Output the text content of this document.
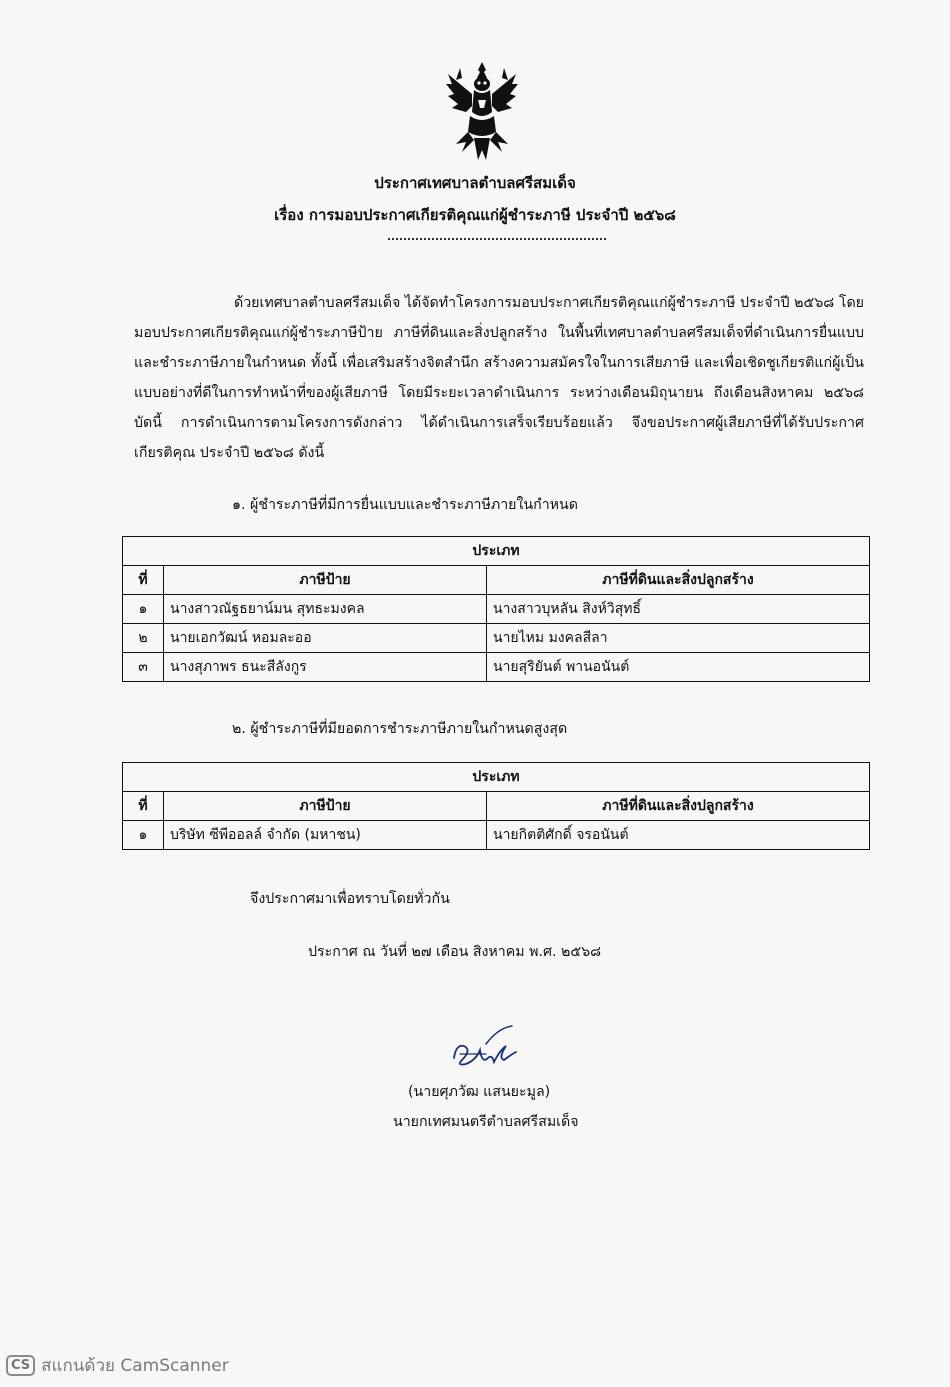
ประกาศเทศบาลตำบลศรีสมเด็จ
เรื่อง การมอบประกาศเกียรติคุณแก่ผู้ชำระภาษี ประจำปี ๒๕๖๘
ด้วยเทศบาลตำบลศรีสมเด็จ ได้จัดทำโครงการมอบประกาศเกียรติคุณแก่ผู้ชำระภาษี ประจำปี ๒๕๖๘ โดยมอบประกาศเกียรติคุณแก่ผู้ชำระภาษีป้าย ภาษีที่ดินและสิ่งปลูกสร้าง ในพื้นที่เทศบาลตำบลศรีสมเด็จที่ดำเนินการยื่นแบบและชำระภาษีภายในกำหนด ทั้งนี้ เพื่อเสริมสร้างจิตสำนึก สร้างความสมัครใจในการเสียภาษี และเพื่อเชิดชูเกียรติแก่ผู้เป็นแบบอย่างที่ดีในการทำหน้าที่ของผู้เสียภาษี โดยมีระยะเวลาดำเนินการ ระหว่างเดือนมิถุนายน ถึงเดือนสิงหาคม ๒๕๖๘ บัดนี้ การดำเนินการตามโครงการดังกล่าว ได้ดำเนินการเสร็จเรียบร้อยแล้ว จึงขอประกาศผู้เสียภาษีที่ได้รับประกาศเกียรติคุณ ประจำปี ๒๕๖๘ ดังนี้
๑. ผู้ชำระภาษีที่มีการยื่นแบบและชำระภาษีภายในกำหนด
ประเภท		
ที่	ภาษีป้าย	ภาษีที่ดินและสิ่งปลูกสร้าง
๑	นางสาวณัฐธยาน์มน สุทธะมงคล	นางสาวบุหลัน สิงห์วิสุทธิ์
๒	นายเอกวัฒน์ หอมละออ	นายไหม มงคลสีลา
๓	นางสุภาพร ธนะสีลังกูร	นายสุริยันต์ พานอนันต์
๒. ผู้ชำระภาษีที่มียอดการชำระภาษีภายในกำหนดสูงสุด
ประเภท		
ที่	ภาษีป้าย	ภาษีที่ดินและสิ่งปลูกสร้าง
๑	บริษัท ซีพีออลล์ จำกัด (มหาชน)	นายกิตติศักดิ์ จรอนันต์
จึงประกาศมาเพื่อทราบโดยทั่วกัน
ประกาศ ณ วันที่ ๒๗ เดือน สิงหาคม พ.ศ. ๒๕๖๘
(นายศุภวัฒ แสนยะมูล)
นายกเทศมนตรีตำบลศรีสมเด็จ
CS สแกนด้วย CamScanner
